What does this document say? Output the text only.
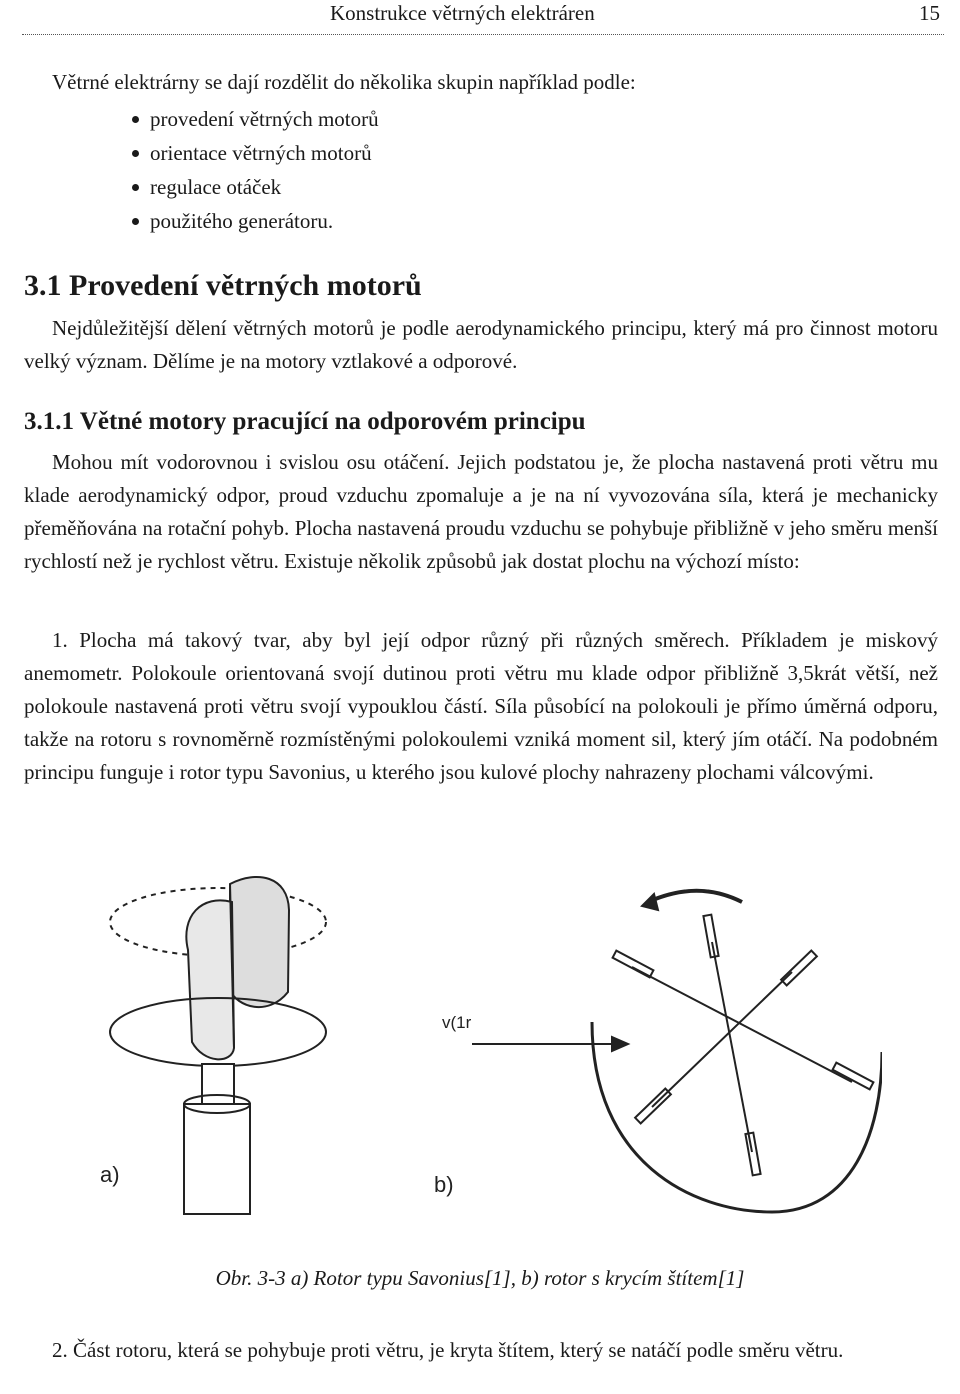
Konstrukce větrných elektráren	15

Větrné elektrárny se dají rozdělit do několika skupin například podle:

provedení větrných motorů
orientace větrných motorů
regulace otáček
použitého generátoru.
3.1 Provedení větrných motorů

Nejdůležitější dělení větrných motorů je podle aerodynamického principu, který má pro činnost motoru velký význam. Dělíme je na motory vztlakové a odporové.

3.1.1 Větné motory pracující na odporovém principu

Mohou mít vodorovnou i svislou osu otáčení. Jejich podstatou je, že plocha nastavená proti větru mu klade aerodynamický odpor, proud vzduchu zpomaluje a je na ní vyvozována síla, která je mechanicky přeměňována na rotační pohyb. Plocha nastavená proudu vzduchu se pohybuje přibližně v jeho směru menší rychlostí než je rychlost větru. Existuje několik způsobů jak dostat plochu na výchozí místo:

1. Plocha má takový tvar, aby byl její odpor různý při různých směrech. Příkladem je miskový anemometr. Polokoule orientovaná svojí dutinou proti větru mu klade odpor přibližně 3,5krát větší, než polokoule nastavená proti větru svojí vypouklou částí. Síla působící na polokouli je přímo úměrná odporu, takže na rotoru s rovnoměrně rozmístěnými polokoulemi vzniká moment sil, který jím otáčí. Na podobném principu funguje i rotor typu Savonius, u kterého jsou kulové plochy nahrazeny plochami válcovými.

a)	b)
v(1r

Obr. 3-3 a) Rotor typu Savonius[1], b) rotor s krycím štítem[1]

2. Část rotoru, která se pohybuje proti větru, je kryta štítem, který se natáčí podle směru větru.
